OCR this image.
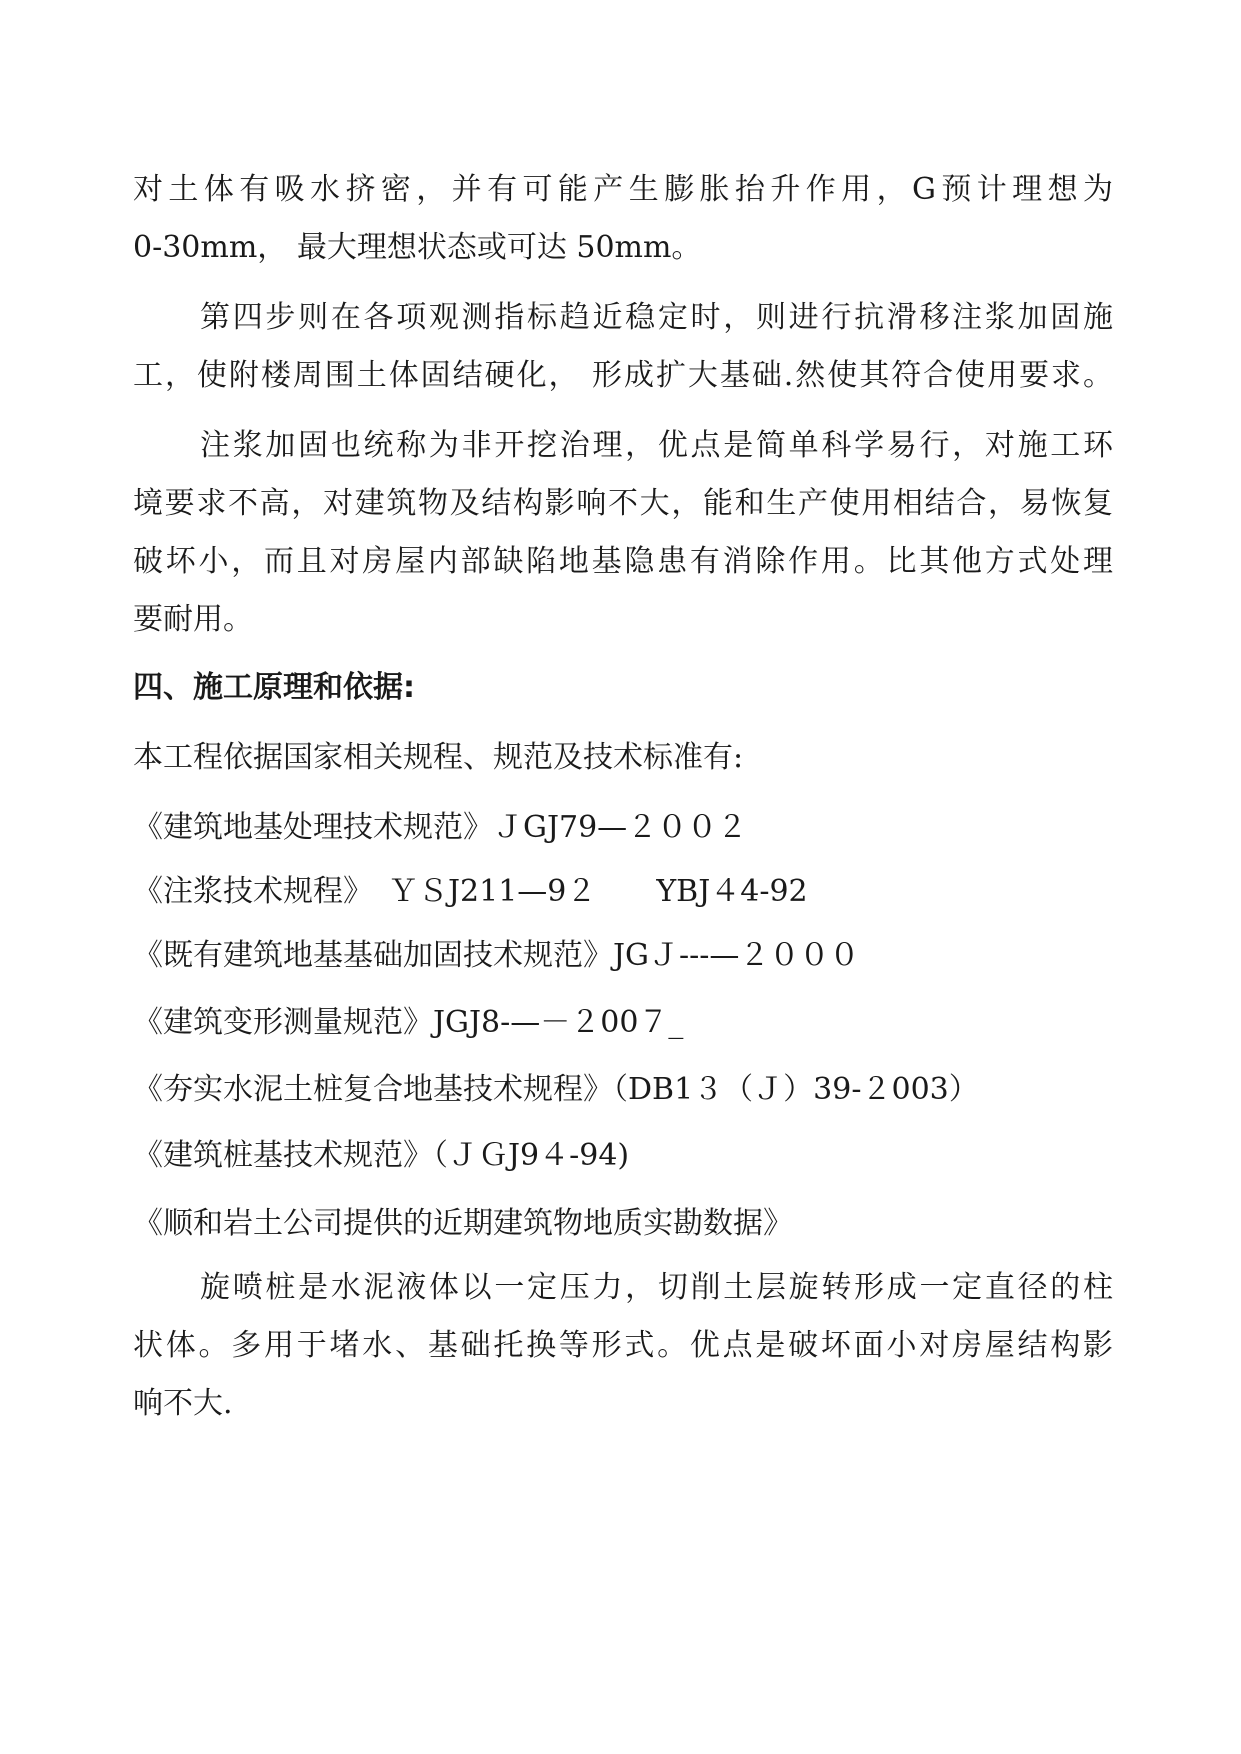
对土体有吸水挤密，并有可能产生膨胀抬升作用，G预计理想为
0-30mm， 最大理想状态或可达 50mm。
第四步则在各项观测指标趋近稳定时，则进行抗滑移注浆加固施
工，使附楼周围土体固结硬化， 形成扩大基础.然使其符合使用要求。
注浆加固也统称为非开挖治理，优点是简单科学易行，对施工环
境要求不高，对建筑物及结构影响不大，能和生产使用相结合，易恢复
破坏小，而且对房屋内部缺陷地基隐患有消除作用。比其他方式处理
要耐用。
四、施工原理和依据:
本工程依据国家相关规程、规范及技术标准有:
《建筑地基处理技术规范》ＪGJ79—２００２
《注浆技术规程》　ＹＳJ211—9２　　YBJ４4-92
《既有建筑地基基础加固技术规范》JGＪ---—２０００
《建筑变形测量规范》JGJ8-—－２00７_
《夯实水泥土桩复合地基技术规程》（DB1３（Ｊ）39-２003）
《建筑桩基技术规范》（ＪＧJ9４-94)
《顺和岩土公司提供的近期建筑物地质实勘数据》
旋喷桩是水泥液体以一定压力，切削土层旋转形成一定直径的柱
状体。多用于堵水、基础托换等形式。优点是破坏面小对房屋结构影
响不大.
